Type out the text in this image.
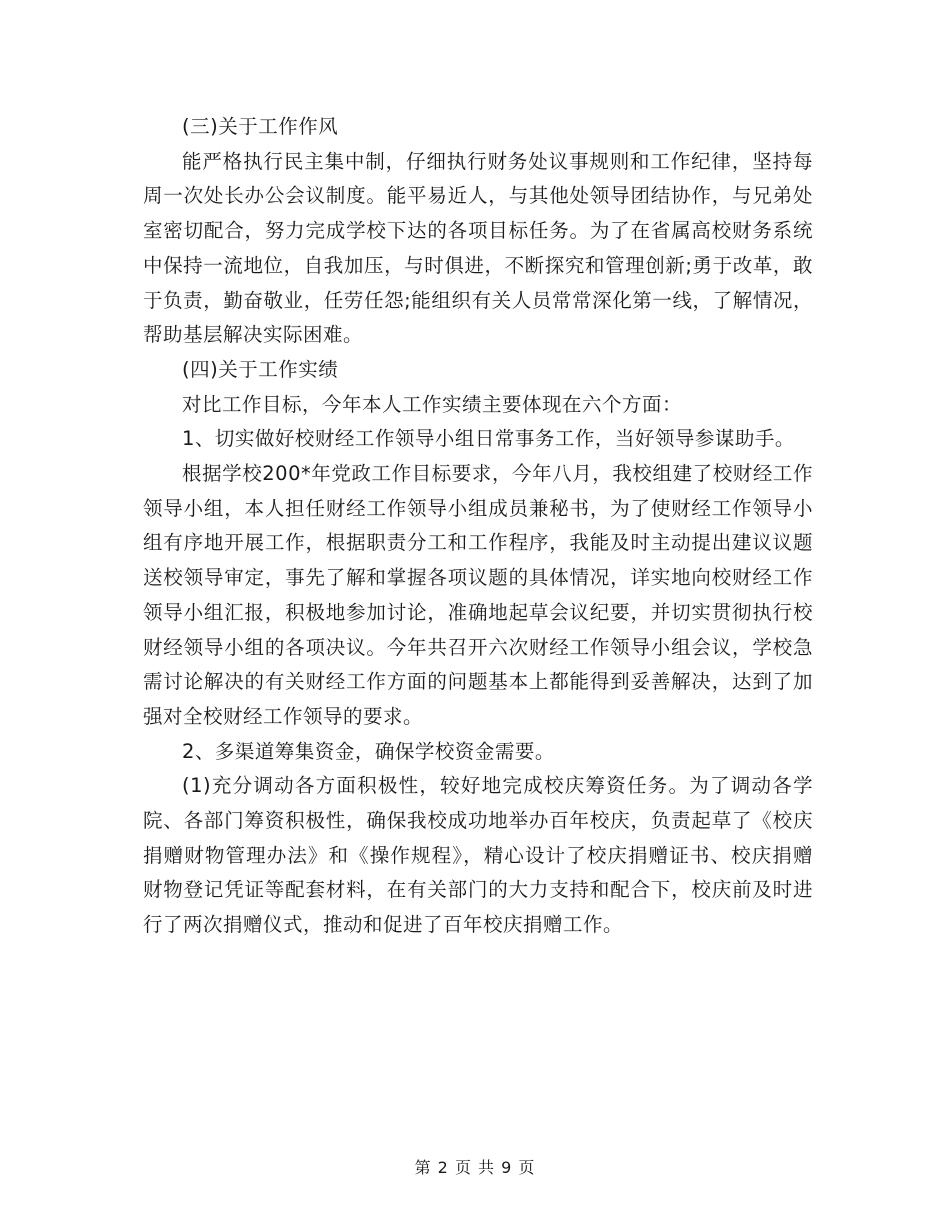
(三)关于工作作风

能严格执行民主集中制，仔细执行财务处议事规则和工作纪律，坚持每周一次处长办公会议制度。能平易近人，与其他处领导团结协作，与兄弟处室密切配合，努力完成学校下达的各项目标任务。为了在省属高校财务系统中保持一流地位，自我加压，与时俱进，不断探究和管理创新;勇于改革，敢于负责，勤奋敬业，任劳任怨;能组织有关人员常常深化第一线，了解情况，帮助基层解决实际困难。

(四)关于工作实绩

对比工作目标，今年本人工作实绩主要体现在六个方面：

1、切实做好校财经工作领导小组日常事务工作，当好领导参谋助手。

根据学校200*年党政工作目标要求，今年八月，我校组建了校财经工作领导小组，本人担任财经工作领导小组成员兼秘书，为了使财经工作领导小组有序地开展工作，根据职责分工和工作程序，我能及时主动提出建议议题送校领导审定，事先了解和掌握各项议题的具体情况，详实地向校财经工作领导小组汇报，积极地参加讨论，准确地起草会议纪要，并切实贯彻执行校财经领导小组的各项决议。今年共召开六次财经工作领导小组会议，学校急需讨论解决的有关财经工作方面的问题基本上都能得到妥善解决，达到了加强对全校财经工作领导的要求。

2、多渠道筹集资金，确保学校资金需要。

(1)充分调动各方面积极性，较好地完成校庆筹资任务。为了调动各学院、各部门筹资积极性，确保我校成功地举办百年校庆，负责起草了《校庆捐赠财物管理办法》和《操作规程》，精心设计了校庆捐赠证书、校庆捐赠财物登记凭证等配套材料，在有关部门的大力支持和配合下，校庆前及时进行了两次捐赠仪式，推动和促进了百年校庆捐赠工作。

第 2 页 共 9 页
